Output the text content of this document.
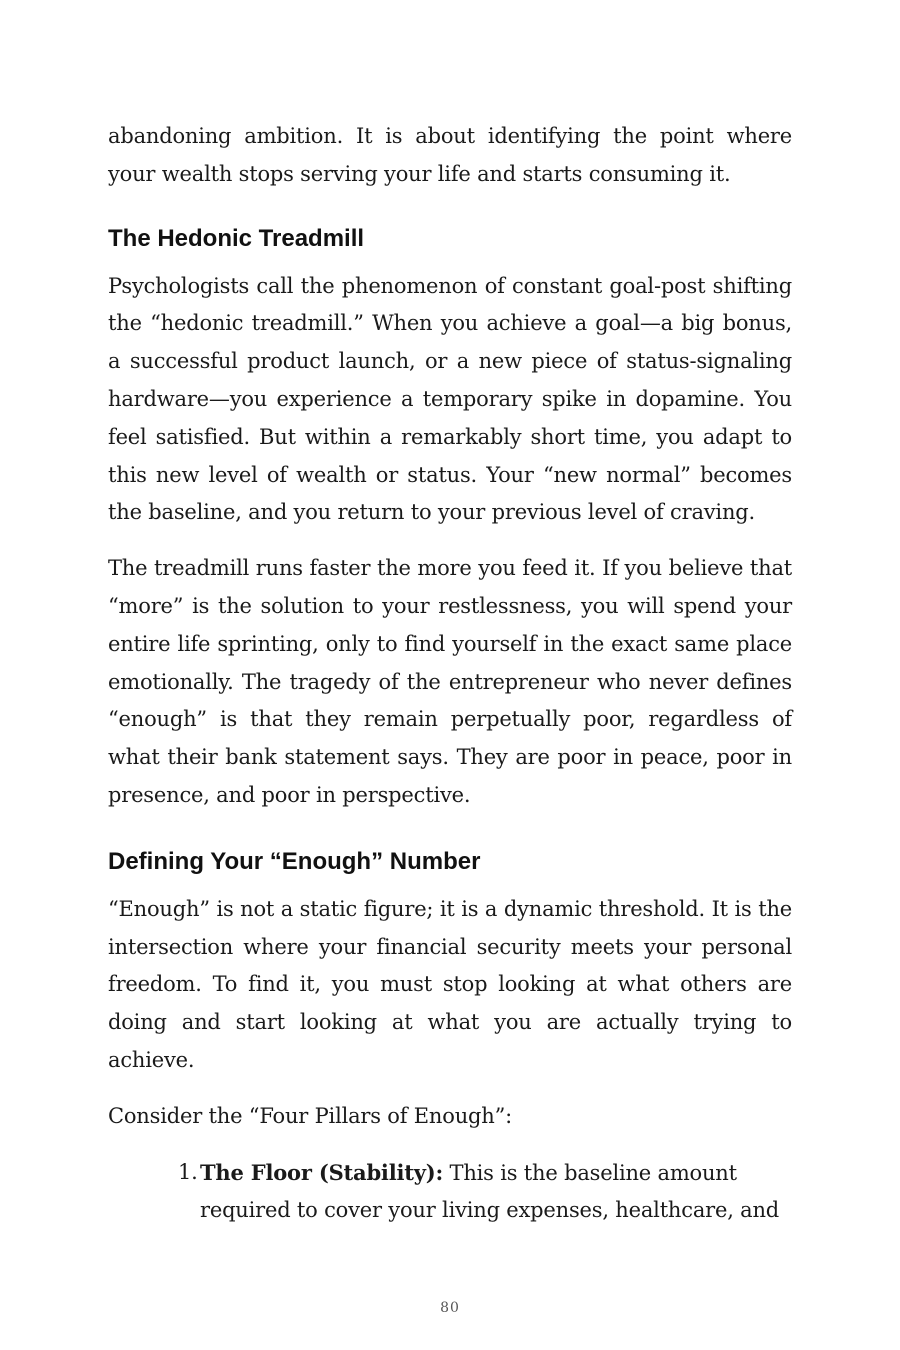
abandoning ambition. It is about identifying the point where your wealth stops serving your life and starts consuming it.

The Hedonic Treadmill

Psychologists call the phenomenon of constant goal-post shifting the “hedonic treadmill.” When you achieve a goal—a big bonus, a successful product launch, or a new piece of status-signaling hardware—you experience a temporary spike in dopamine. You feel satisfied. But within a remarkably short time, you adapt to this new level of wealth or status. Your “new normal” becomes the baseline, and you return to your previous level of craving.

The treadmill runs faster the more you feed it. If you believe that “more” is the solution to your restlessness, you will spend your entire life sprinting, only to find yourself in the exact same place emotionally. The tragedy of the entrepreneur who never defines “enough” is that they remain perpetually poor, regardless of what their bank statement says. They are poor in peace, poor in presence, and poor in perspective.

Defining Your “Enough” Number

“Enough” is not a static figure; it is a dynamic threshold. It is the intersection where your financial security meets your personal freedom. To find it, you must stop looking at what others are doing and start looking at what you are actually trying to achieve.

Consider the “Four Pillars of Enough”:

1. The Floor (Stability): This is the baseline amount required to cover your living expenses, healthcare, and
80
